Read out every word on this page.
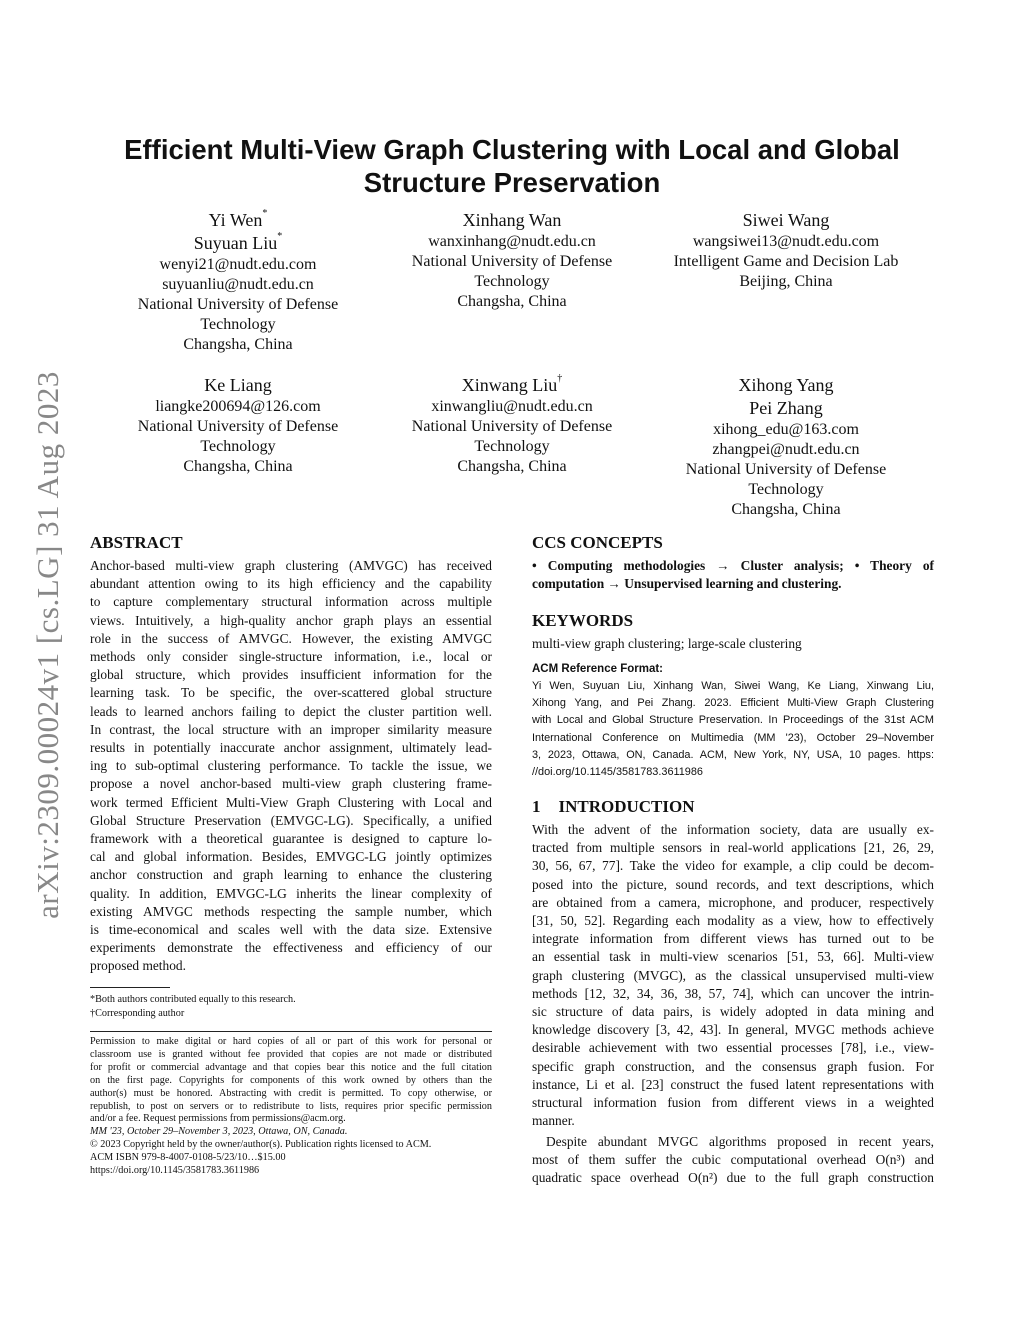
arXiv:2309.00024v1 [cs.LG] 31 Aug 2023
Efficient Multi-View Graph Clustering with Local and Global Structure Preservation
Yi Wen*
Suyuan Liu*
wenyi21@nudt.edu.com
suyuanliu@nudt.edu.cn
National University of Defense
Technology
Changsha, China
Xinhang Wan
wanxinhang@nudt.edu.cn
National University of Defense
Technology
Changsha, China
Siwei Wang
wangsiwei13@nudt.edu.com
Intelligent Game and Decision Lab
Beijing, China
Ke Liang
liangke200694@126.com
National University of Defense
Technology
Changsha, China
Xinwang Liu†
xinwangliu@nudt.edu.cn
National University of Defense
Technology
Changsha, China
Xihong Yang
Pei Zhang
xihong_edu@163.com
zhangpei@nudt.edu.cn
National University of Defense
Technology
Changsha, China
ABSTRACT
Anchor-based multi-view graph clustering (AMVGC) has received
abundant attention owing to its high efficiency and the capability
to capture complementary structural information across multiple
views. Intuitively, a high-quality anchor graph plays an essential
role in the success of AMVGC. However, the existing AMVGC
methods only consider single-structure information, i.e., local or
global structure, which provides insufficient information for the
learning task. To be specific, the over-scattered global structure
leads to learned anchors failing to depict the cluster partition well.
In contrast, the local structure with an improper similarity measure
results in potentially inaccurate anchor assignment, ultimately lead-
ing to sub-optimal clustering performance. To tackle the issue, we
propose a novel anchor-based multi-view graph clustering frame-
work termed Efficient Multi-View Graph Clustering with Local and
Global Structure Preservation (EMVGC-LG). Specifically, a unified
framework with a theoretical guarantee is designed to capture lo-
cal and global information. Besides, EMVGC-LG jointly optimizes
anchor construction and graph learning to enhance the clustering
quality. In addition, EMVGC-LG inherits the linear complexity of
existing AMVGC methods respecting the sample number, which
is time-economical and scales well with the data size. Extensive
experiments demonstrate the effectiveness and efficiency of our
proposed method.
*Both authors contributed equally to this research.
†Corresponding author
Permission to make digital or hard copies of all or part of this work for personal or
classroom use is granted without fee provided that copies are not made or distributed
for profit or commercial advantage and that copies bear this notice and the full citation
on the first page. Copyrights for components of this work owned by others than the
author(s) must be honored. Abstracting with credit is permitted. To copy otherwise, or
republish, to post on servers or to redistribute to lists, requires prior specific permission
and/or a fee. Request permissions from permissions@acm.org.
MM '23, October 29–November 3, 2023, Ottawa, ON, Canada.
© 2023 Copyright held by the owner/author(s). Publication rights licensed to ACM.
ACM ISBN 979-8-4007-0108-5/23/10…$15.00
https://doi.org/10.1145/3581783.3611986
CCS CONCEPTS
• Computing methodologies → Cluster analysis; • Theory of
computation → Unsupervised learning and clustering.
KEYWORDS
multi-view graph clustering; large-scale clustering
ACM Reference Format:
Yi Wen, Suyuan Liu, Xinhang Wan, Siwei Wang, Ke Liang, Xinwang Liu,
Xihong Yang, and Pei Zhang. 2023. Efficient Multi-View Graph Clustering
with Local and Global Structure Preservation. In Proceedings of the 31st ACM
International Conference on Multimedia (MM '23), October 29–November
3, 2023, Ottawa, ON, Canada. ACM, New York, NY, USA, 10 pages. https:
//doi.org/10.1145/3581783.3611986
1 INTRODUCTION
With the advent of the information society, data are usually ex-
tracted from multiple sensors in real-world applications [21, 26, 29,
30, 56, 67, 77]. Take the video for example, a clip could be decom-
posed into the picture, sound records, and text descriptions, which
are obtained from a camera, microphone, and producer, respectively
[31, 50, 52]. Regarding each modality as a view, how to effectively
integrate information from different views has turned out to be
an essential task in multi-view scenarios [51, 53, 66]. Multi-view
graph clustering (MVGC), as the classical unsupervised multi-view
methods [12, 32, 34, 36, 38, 57, 74], which can uncover the intrin-
sic structure of data pairs, is widely adopted in data mining and
knowledge discovery [3, 42, 43]. In general, MVGC methods achieve
desirable achievement with two essential processes [78], i.e., view-
specific graph construction, and the consensus graph fusion. For
instance, Li et al. [23] construct the fused latent representations with
structural information fusion from different views in a weighted
manner.
Despite abundant MVGC algorithms proposed in recent years,
most of them suffer the cubic computational overhead O(n³) and
quadratic space overhead O(n²) due to the full graph construction
